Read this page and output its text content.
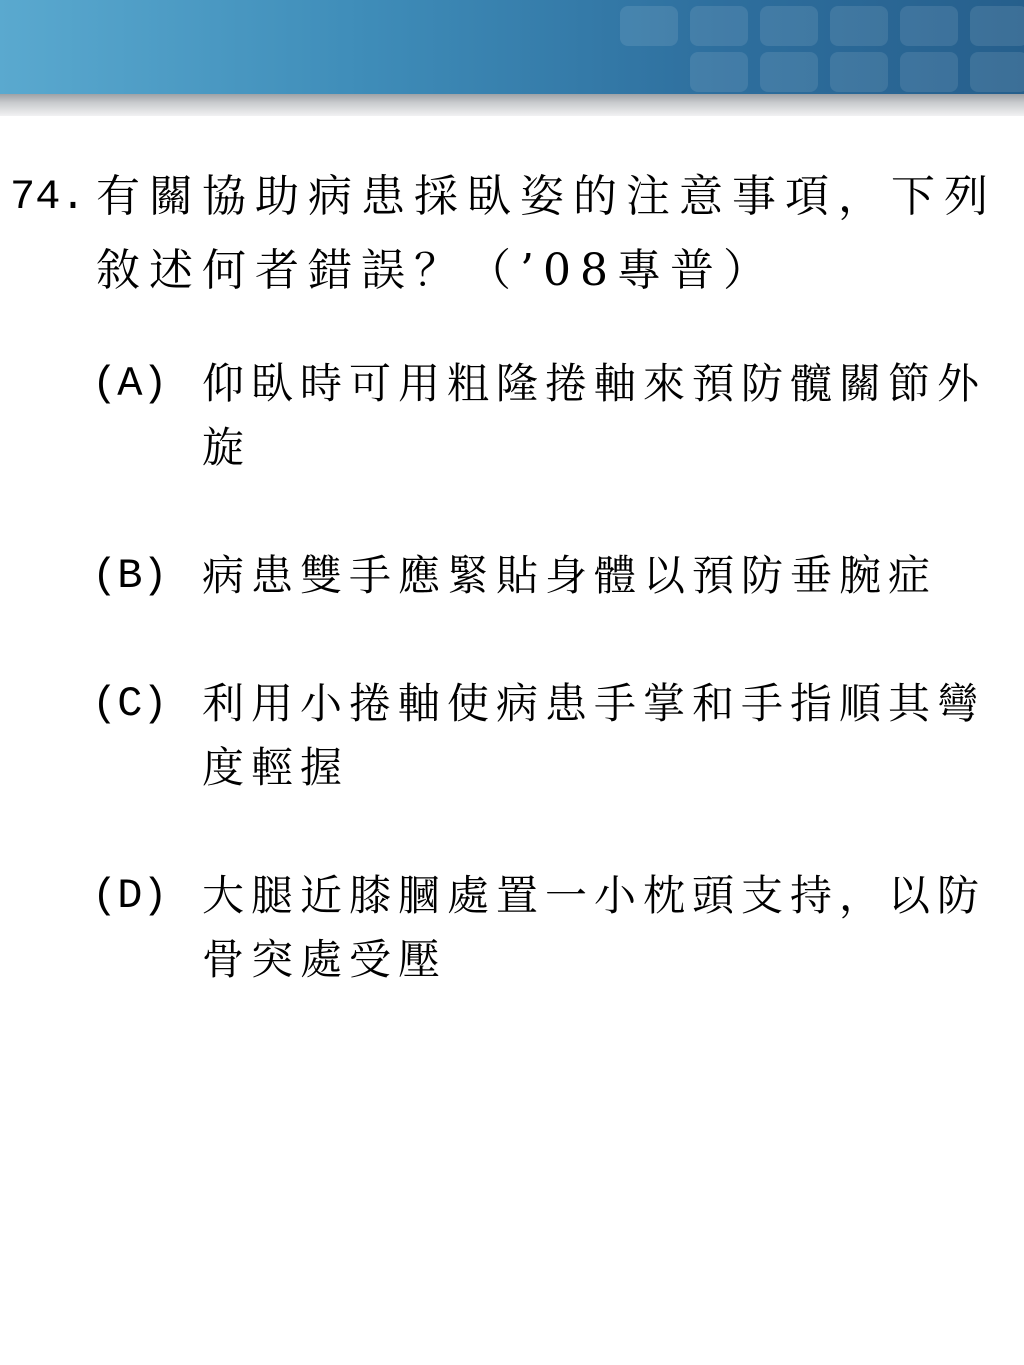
74. 有關協助病患採臥姿的注意事項，下列敘述何者錯誤？（’08專普）
(A) 仰臥時可用粗隆捲軸來預防髖關節外旋
(B) 病患雙手應緊貼身體以預防垂腕症
(C) 利用小捲軸使病患手掌和手指順其彎度輕握
(D) 大腿近膝膕處置一小枕頭支持，以防骨突處受壓
